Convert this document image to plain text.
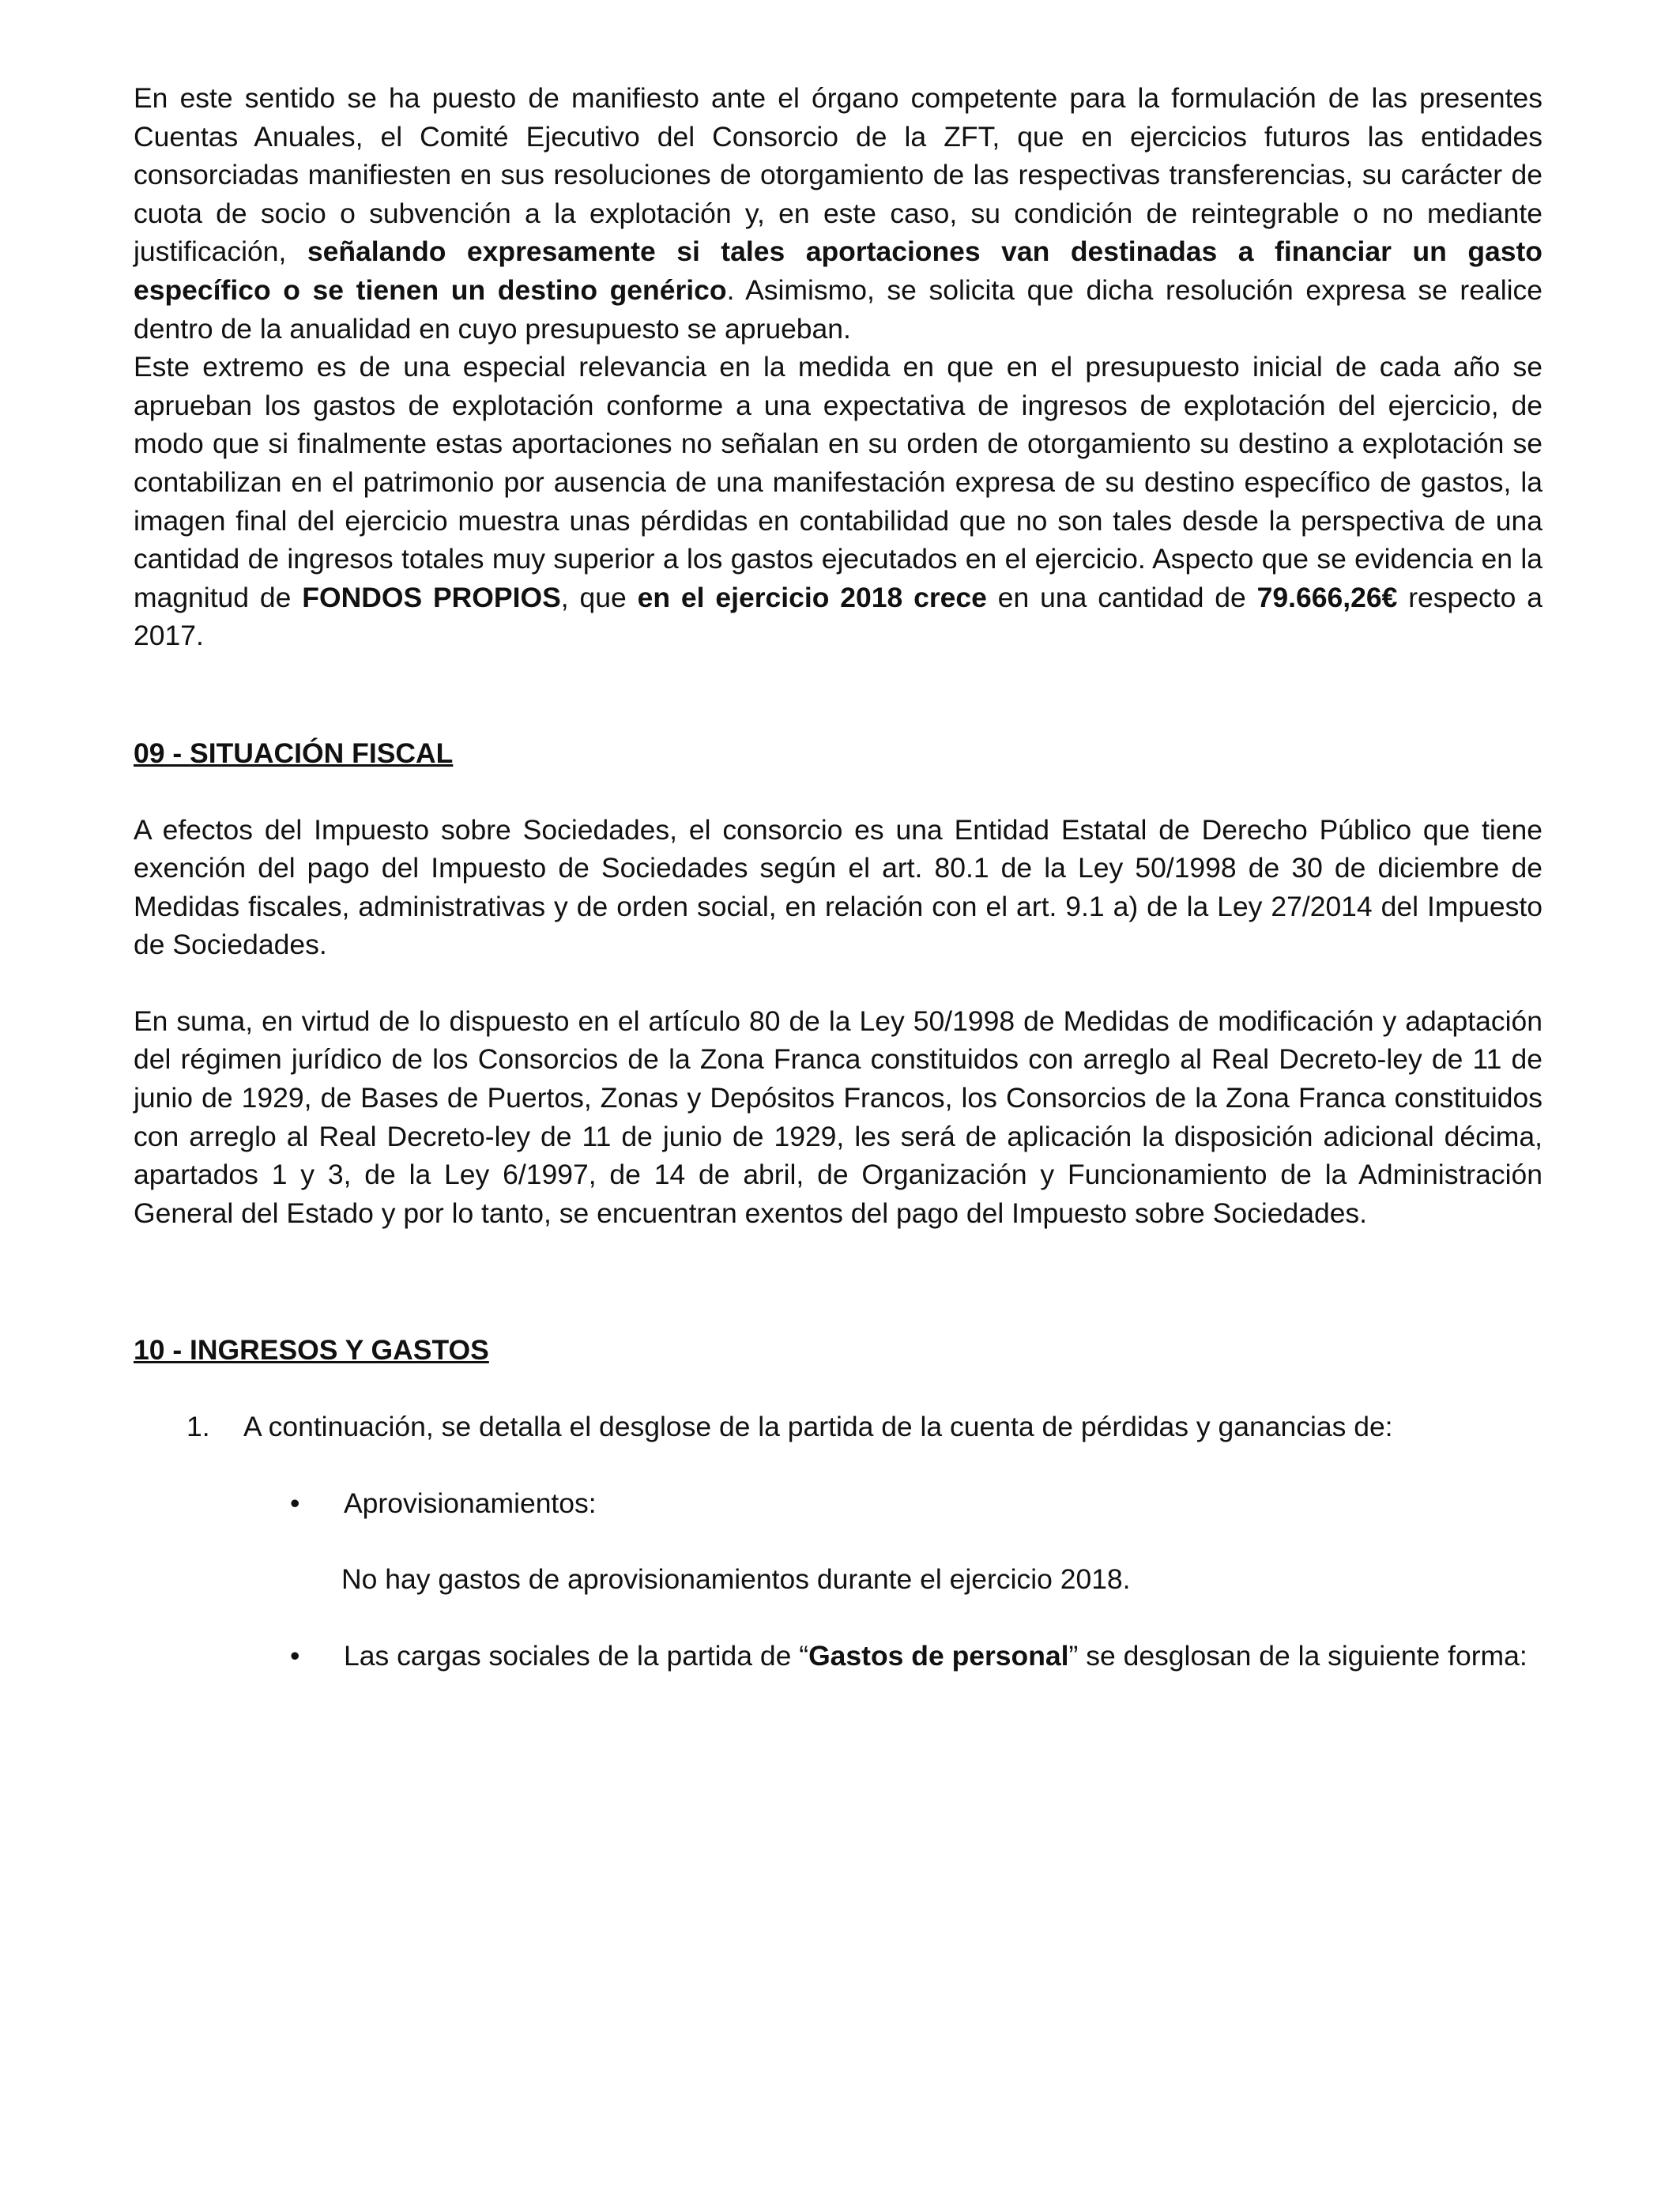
En este sentido se ha puesto de manifiesto ante el órgano competente para la formulación de las presentes Cuentas Anuales, el Comité Ejecutivo del Consorcio de la ZFT, que en ejercicios futuros las entidades consorciadas manifiesten en sus resoluciones de otorgamiento de las respectivas transferencias, su carácter de cuota de socio o subvención a la explotación y, en este caso, su condición de reintegrable o no mediante justificación, señalando expresamente si tales aportaciones van destinadas a financiar un gasto específico o se tienen un destino genérico. Asimismo, se solicita que dicha resolución expresa se realice dentro de la anualidad en cuyo presupuesto se aprueban.

Este extremo es de una especial relevancia en la medida en que en el presupuesto inicial de cada año se aprueban los gastos de explotación conforme a una expectativa de ingresos de explotación del ejercicio, de modo que si finalmente estas aportaciones no señalan en su orden de otorgamiento su destino a explotación se contabilizan en el patrimonio por ausencia de una manifestación expresa de su destino específico de gastos, la imagen final del ejercicio muestra unas pérdidas en contabilidad que no son tales desde la perspectiva de una cantidad de ingresos totales muy superior a los gastos ejecutados en el ejercicio. Aspecto que se evidencia en la magnitud de FONDOS PROPIOS, que en el ejercicio 2018 crece en una cantidad de 79.666,26€ respecto a 2017.

09 - SITUACIÓN FISCAL

A efectos del Impuesto sobre Sociedades, el consorcio es una Entidad Estatal de Derecho Público que tiene exención del pago del Impuesto de Sociedades según el art. 80.1 de la Ley 50/1998 de 30 de diciembre de Medidas fiscales, administrativas y de orden social, en relación con el art. 9.1 a) de la Ley 27/2014 del Impuesto de Sociedades.

En suma, en virtud de lo dispuesto en el artículo 80 de la Ley 50/1998 de Medidas de modificación y adaptación del régimen jurídico de los Consorcios de la Zona Franca constituidos con arreglo al Real Decreto-ley de 11 de junio de 1929, de Bases de Puertos, Zonas y Depósitos Francos, los Consorcios de la Zona Franca constituidos con arreglo al Real Decreto-ley de 11 de junio de 1929, les será de aplicación la disposición adicional décima, apartados 1 y 3, de la Ley 6/1997, de 14 de abril, de Organización y Funcionamiento de la Administración General del Estado y por lo tanto, se encuentran exentos del pago del Impuesto sobre Sociedades.

10 - INGRESOS Y GASTOS

1. A continuación, se detalla el desglose de la partida de la cuenta de pérdidas y ganancias de:
• Aprovisionamientos:

No hay gastos de aprovisionamientos durante el ejercicio 2018.

• Las cargas sociales de la partida de “Gastos de personal” se desglosan de la siguiente forma:
